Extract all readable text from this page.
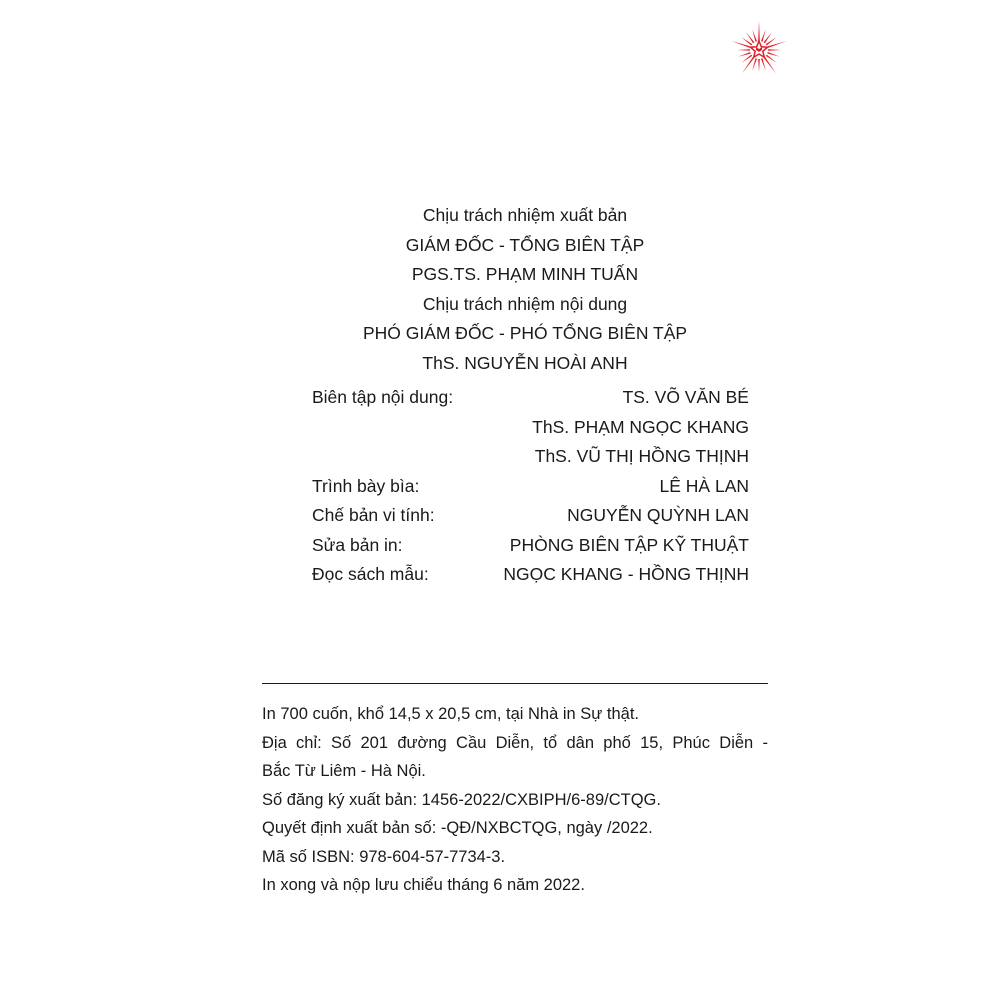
Chịu trách nhiệm xuất bản
GIÁM ĐỐC - TỔNG BIÊN TẬP
PGS.TS. PHẠM MINH TUẤN
Chịu trách nhiệm nội dung
PHÓ GIÁM ĐỐC - PHÓ TỔNG BIÊN TẬP
ThS. NGUYỄN HOÀI ANH
Biên tập nội dung:	TS. VÕ VĂN BÉ
ThS. PHẠM NGỌC KHANG
ThS. VŨ THỊ HỒNG THỊNH
Trình bày bìa:	LÊ HÀ LAN
Chế bản vi tính:	NGUYỄN QUỲNH LAN
Sửa bản in:	PHÒNG BIÊN TẬP KỸ THUẬT
Đọc sách mẫu:	NGỌC KHANG - HỒNG THỊNH
In 700 cuốn, khổ 14,5 x 20,5 cm, tại Nhà in Sự thật.
Địa chỉ: Số 201 đường Cầu Diễn, tổ dân phố 15, Phúc Diễn -
Bắc Từ Liêm - Hà Nội.
Số đăng ký xuất bản: 1456-2022/CXBIPH/6-89/CTQG.
Quyết định xuất bản số: -QĐ/NXBCTQG, ngày /2022.
Mã số ISBN: 978-604-57-7734-3.
In xong và nộp lưu chiểu tháng 6 năm 2022.
